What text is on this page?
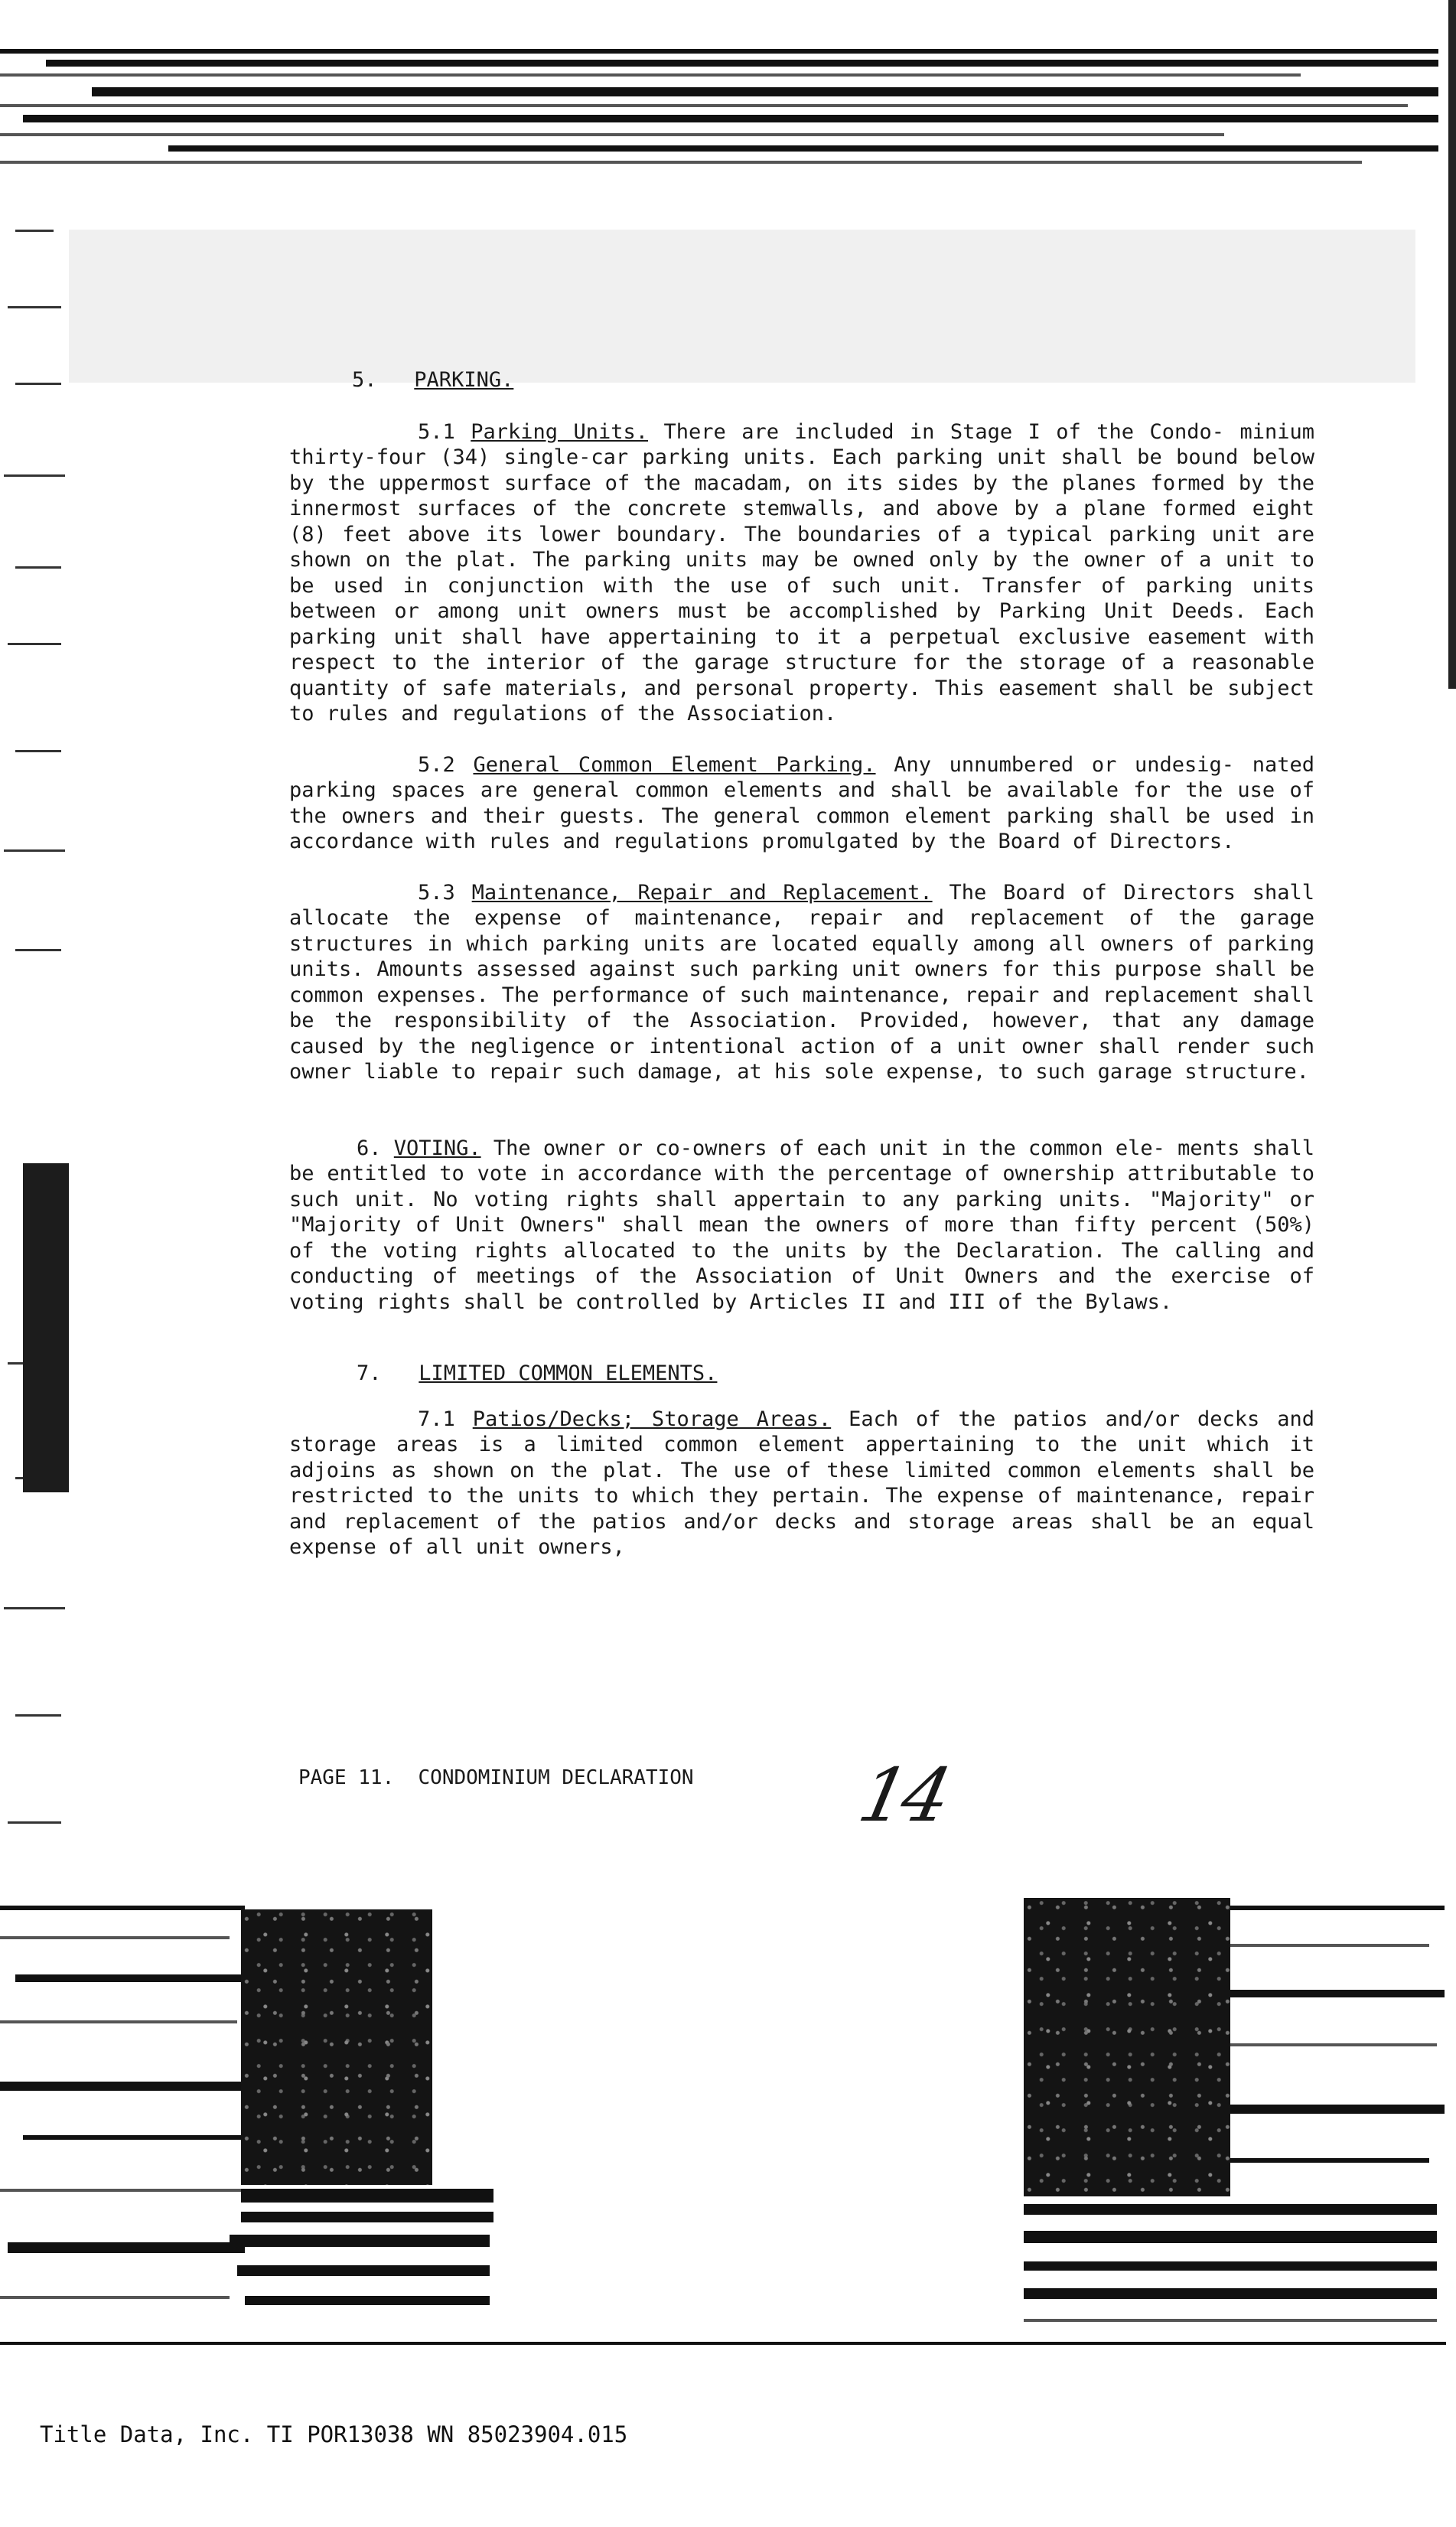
5. PARKING.

5.1 Parking Units. There are included in Stage I of the Condo- minium thirty-four (34) single-car parking units. Each parking unit shall be bound below by the uppermost surface of the macadam, on its sides by the planes formed by the innermost surfaces of the concrete stemwalls, and above by a plane formed eight (8) feet above its lower boundary. The boundaries of a typical parking unit are shown on the plat. The parking units may be owned only by the owner of a unit to be used in conjunction with the use of such unit. Transfer of parking units between or among unit owners must be accomplished by Parking Unit Deeds. Each parking unit shall have appertaining to it a perpetual exclusive easement with respect to the interior of the garage structure for the storage of a reasonable quantity of safe materials, and personal property. This easement shall be subject to rules and regulations of the Association.

5.2 General Common Element Parking. Any unnumbered or undesig- nated parking spaces are general common elements and shall be available for the use of the owners and their guests. The general common element parking shall be used in accordance with rules and regulations promulgated by the Board of Directors.

5.3 Maintenance, Repair and Replacement. The Board of Directors shall allocate the expense of maintenance, repair and replacement of the garage structures in which parking units are located equally among all owners of parking units. Amounts assessed against such parking unit owners for this purpose shall be common expenses. The performance of such maintenance, repair and replacement shall be the responsibility of the Association. Provided, however, that any damage caused by the negligence or intentional action of a unit owner shall render such owner liable to repair such damage, at his sole expense, to such garage structure.

6. VOTING. The owner or co-owners of each unit in the common ele- ments shall be entitled to vote in accordance with the percentage of ownership attributable to such unit. No voting rights shall appertain to any parking units. "Majority" or "Majority of Unit Owners" shall mean the owners of more than fifty percent (50%) of the voting rights allocated to the units by the Declaration. The calling and conducting of meetings of the Association of Unit Owners and the exercise of voting rights shall be controlled by Articles II and III of the Bylaws.

7. LIMITED COMMON ELEMENTS.

7.1 Patios/Decks; Storage Areas. Each of the patios and/or decks and storage areas is a limited common element appertaining to the unit which it adjoins as shown on the plat. The use of these limited common elements shall be restricted to the units to which they pertain. The expense of maintenance, repair and replacement of the patios and/or decks and storage areas shall be an equal expense of all unit owners,

PAGE 11.  CONDOMINIUM DECLARATION 14
Title Data, Inc. TI POR13038 WN 85023904.015
